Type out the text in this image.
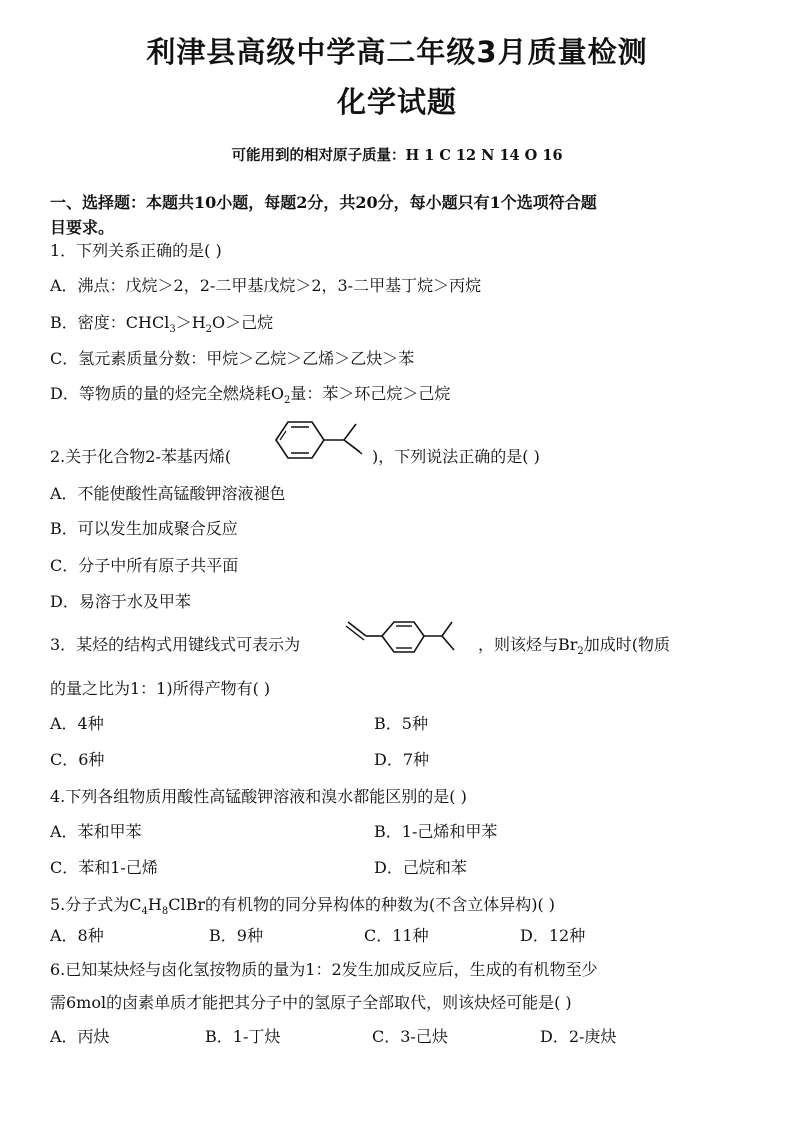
利津县高级中学高二年级3月质量检测
化学试题
可能用到的相对原子质量：H 1 C 12 N 14 O 16
一、选择题：本题共10小题，每题2分，共20分，每小题只有1个选项符合题
目要求。
1．下列关系正确的是( )
A．沸点：戊烷＞2，2-二甲基戊烷＞2，3-二甲基丁烷＞丙烷
B．密度：$CHCl_3>H_2O>$己烷
C．氢元素质量分数：甲烷＞乙烷＞乙烯＞乙炔＞苯
D．等物质的量的烃完全燃烧耗$O_2$量：苯＞环己烷＞己烷
2.关于化合物2-苯基丙烯(	)，下列说法正确的是( )
A．不能使酸性高锰酸钾溶液褪色
B．可以发生加成聚合反应
C．分子中所有原子共平面
D．易溶于水及甲苯
3．某烃的结构式用键线式可表示为	，则该烃与$Br_2$加成时(物质
的量之比为1：1)所得产物有( )
A．4种	B．5种
C．6种	D．7种
4.下列各组物质用酸性高锰酸钾溶液和溴水都能区别的是( )
A．苯和甲苯	B．1-己烯和甲苯
C．苯和1-己烯	D．己烷和苯
5.分子式为$C_4H_8ClBr$的有机物的同分异构体的种数为(不含立体异构)( )
A．8种	B．9种	C．11种	D．12种
6.已知某炔烃与卤化氢按物质的量为1：2发生加成反应后，生成的有机物至少
需6mol的卤素单质才能把其分子中的氢原子全部取代，则该炔烃可能是( )
A．丙炔	B．1-丁炔	C．3-己炔	D．2-庚炔
